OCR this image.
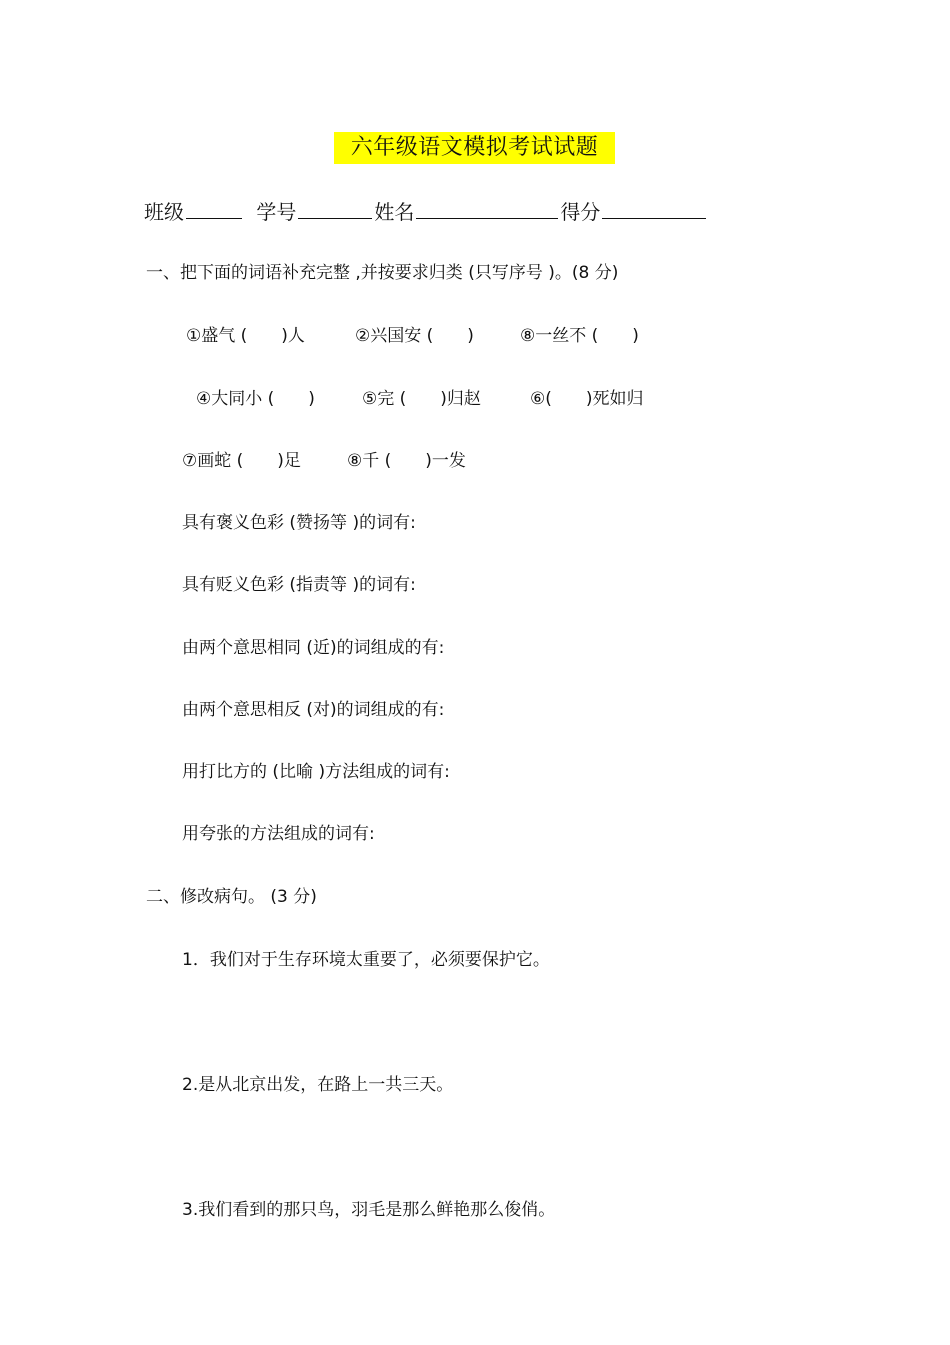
六年级语文模拟考试试题
班级	学号	姓名	得分
一、把下面的词语补充完整 ,并按要求归类 (只写序号 )。(8 分)
①盛气 (　　)人	②兴国安 (　　)	⑧一丝不 (　　)
④大同小 (　　)	⑤完 (　　)归赵	⑥(　　)死如归
⑦画蛇 (　　)足	⑧千 (　　)一发
具有褒义色彩 (赞扬等 )的词有:
具有贬义色彩 (指责等 )的词有:
由两个意思相同 (近)的词组成的有:
由两个意思相反 (对)的词组成的有:
用打比方的 (比喻 )方法组成的词有:
用夸张的方法组成的词有:
二、修改病句。 (3 分)
1．我们对于生存环境太重要了，必须要保护它。
2.是从北京出发，在路上一共三天。
3.我们看到的那只鸟，羽毛是那么鲜艳那么俊俏。
